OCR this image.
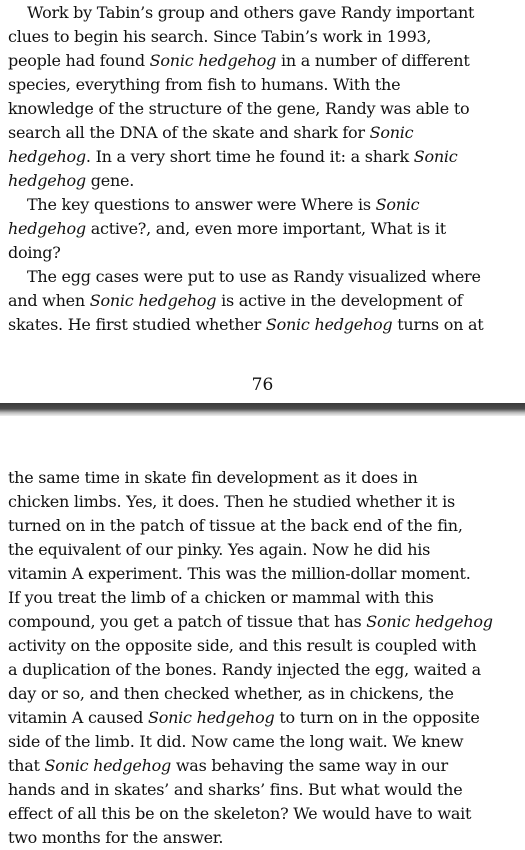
Work by Tabin’s group and others gave Randy important
clues to begin his search. Since Tabin’s work in 1993,
people had found Sonic hedgehog in a number of different
species, everything from fish to humans. With the
knowledge of the structure of the gene, Randy was able to
search all the DNA of the skate and shark for Sonic
hedgehog. In a very short time he found it: a shark Sonic
hedgehog gene.
The key questions to answer were Where is Sonic
hedgehog active?, and, even more important, What is it
doing?
The egg cases were put to use as Randy visualized where
and when Sonic hedgehog is active in the development of
skates. He first studied whether Sonic hedgehog turns on at
76
the same time in skate fin development as it does in
chicken limbs. Yes, it does. Then he studied whether it is
turned on in the patch of tissue at the back end of the fin,
the equivalent of our pinky. Yes again. Now he did his
vitamin A experiment. This was the million-dollar moment.
If you treat the limb of a chicken or mammal with this
compound, you get a patch of tissue that has Sonic hedgehog
activity on the opposite side, and this result is coupled with
a duplication of the bones. Randy injected the egg, waited a
day or so, and then checked whether, as in chickens, the
vitamin A caused Sonic hedgehog to turn on in the opposite
side of the limb. It did. Now came the long wait. We knew
that Sonic hedgehog was behaving the same way in our
hands and in skates’ and sharks’ fins. But what would the
effect of all this be on the skeleton? We would have to wait
two months for the answer.
